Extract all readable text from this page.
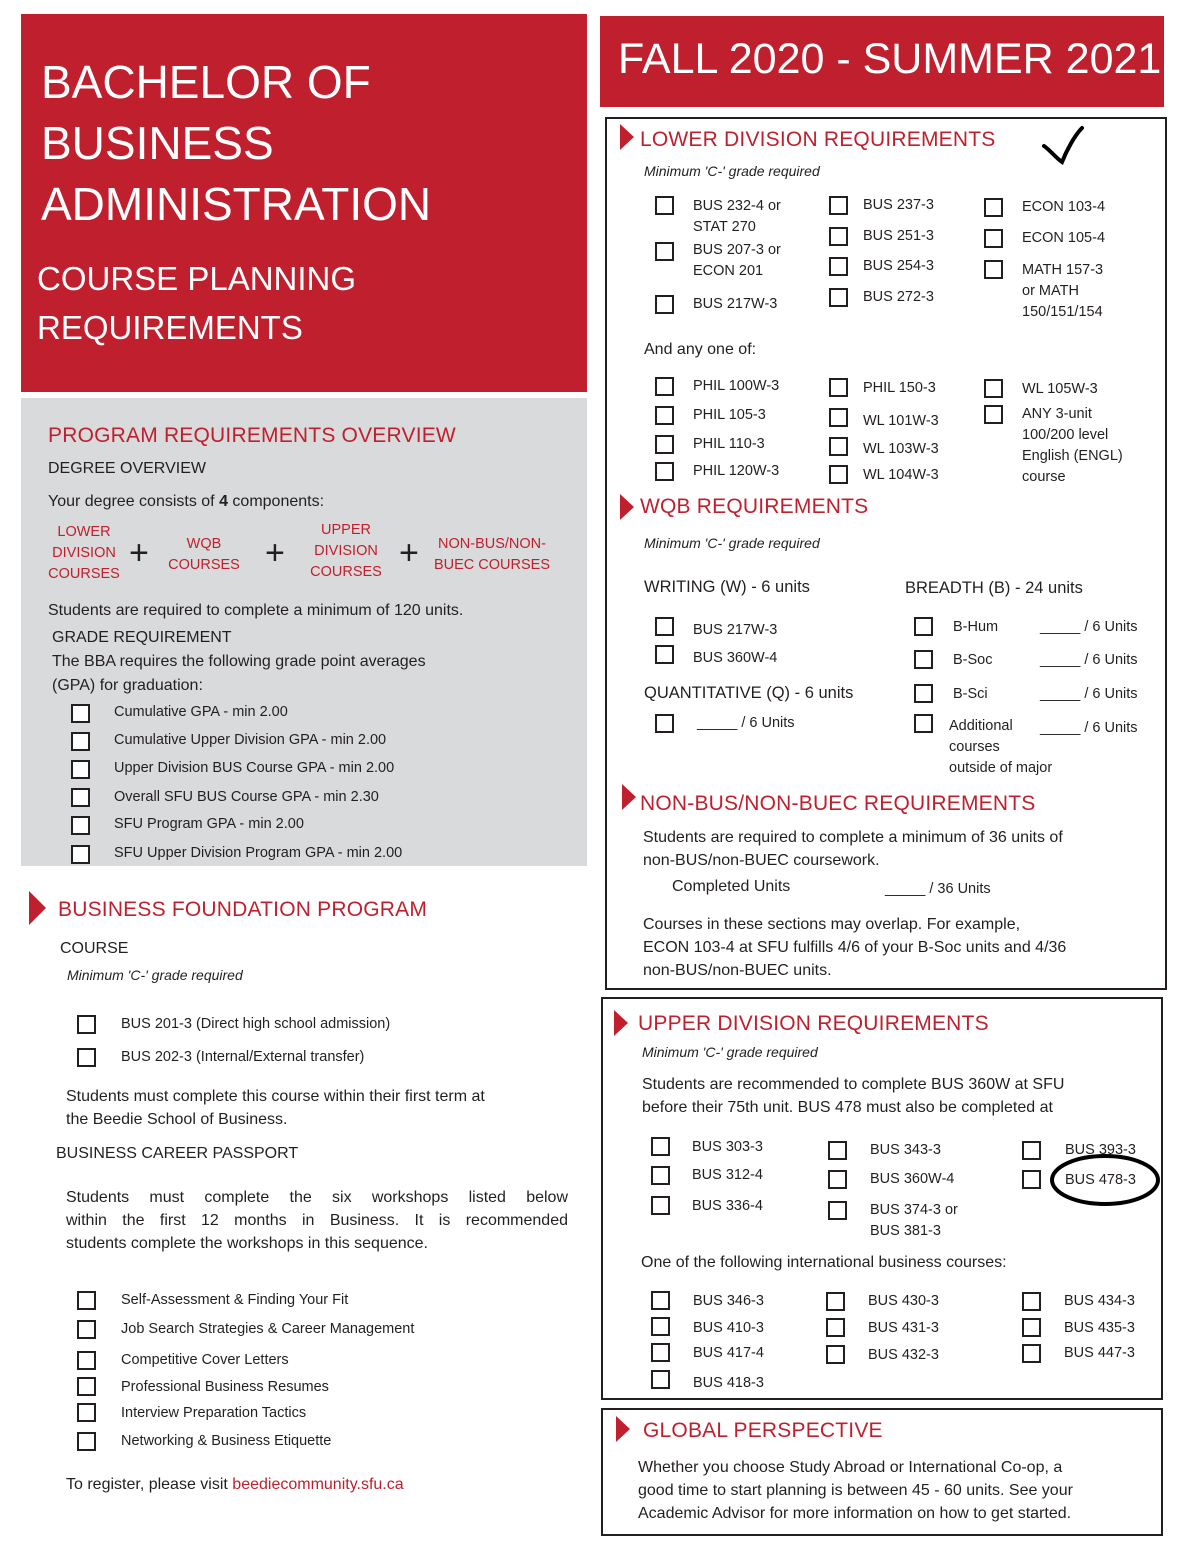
BACHELOR OF
BUSINESS
ADMINISTRATION
COURSE PLANNING
REQUIREMENTS
FALL 2020 - SUMMER 2021
PROGRAM REQUIREMENTS OVERVIEW
DEGREE OVERVIEW
Your degree consists of 4 components:
LOWER
DIVISION
COURSES
+	WQB
COURSES +
UPPER
DIVISION
COURSES +	NON-BUS/NON-
BUEC COURSES
Students are required to complete a minimum of 120 units.
GRADE REQUIREMENT
The BBA requires the following grade point averages
(GPA) for graduation:
Cumulative GPA - min 2.00
Cumulative Upper Division GPA - min 2.00
Upper Division BUS Course GPA - min 2.00
Overall SFU BUS Course GPA - min 2.30
SFU Program GPA - min 2.00
SFU Upper Division Program GPA - min 2.00
BUSINESS FOUNDATION PROGRAM
COURSE
Minimum 'C-' grade required
BUS 201-3 (Direct high school admission)
BUS 202-3 (Internal/External transfer)
Students must complete this course within their first term at
the Beedie School of Business.
BUSINESS CAREER PASSPORT
Students must complete the six workshops listed below
within the first 12 months in Business. It is recommended
students complete the workshops in this sequence.
Self-Assessment & Finding Your Fit
Job Search Strategies & Career Management
Competitive Cover Letters
Professional Business Resumes
Interview Preparation Tactics
Networking & Business Etiquette
To register, please visit beediecommunity.sfu.ca
LOWER DIVISION REQUIREMENTS
Minimum 'C-' grade required
BUS 232-4 or
STAT 270
BUS 207-3 or
ECON 201
BUS 217W-3
BUS 237-3
BUS 251-3
BUS 254-3
BUS 272-3
ECON 103-4
ECON 105-4
MATH 157-3
or MATH
150/151/154
And any one of:
PHIL 100W-3
PHIL 105-3
PHIL 110-3
PHIL 120W-3
PHIL 150-3
WL 101W-3
WL 103W-3
WL 104W-3
WL 105W-3
ANY 3-unit
100/200 level
English (ENGL)
course
WQB REQUIREMENTS
Minimum 'C-' grade required
WRITING (W) - 6 units
BUS 217W-3
BUS 360W-4
QUANTITATIVE (Q) - 6 units
_____ / 6 Units
BREADTH (B) - 24 units
B-Hum	_____ / 6 Units
B-Soc	_____ / 6 Units
B-Sci	_____ / 6 Units
Additional
courses
outside of major
_____ / 6 Units
NON-BUS/NON-BUEC REQUIREMENTS
Students are required to complete a minimum of 36 units of
non-BUS/non-BUEC coursework.
Completed Units	_____ / 36 Units
Courses in these sections may overlap. For example,
ECON 103-4 at SFU fulfills 4/6 of your B-Soc units and 4/36
non-BUS/non-BUEC units.
UPPER DIVISION REQUIREMENTS
Minimum 'C-' grade required
Students are recommended to complete BUS 360W at SFU
before their 75th unit. BUS 478 must also be completed at
BUS 303-3
BUS 312-4
BUS 336-4
BUS 343-3
BUS 360W-4
BUS 374-3 or
BUS 381-3
BUS 393-3
BUS 478-3
One of the following international business courses:
BUS 346-3
BUS 410-3
BUS 417-4
BUS 418-3
BUS 430-3
BUS 431-3
BUS 432-3
BUS 434-3
BUS 435-3
BUS 447-3
GLOBAL PERSPECTIVE
Whether you choose Study Abroad or International Co-op, a
good time to start planning is between 45 - 60 units. See your
Academic Advisor for more information on how to get started.
